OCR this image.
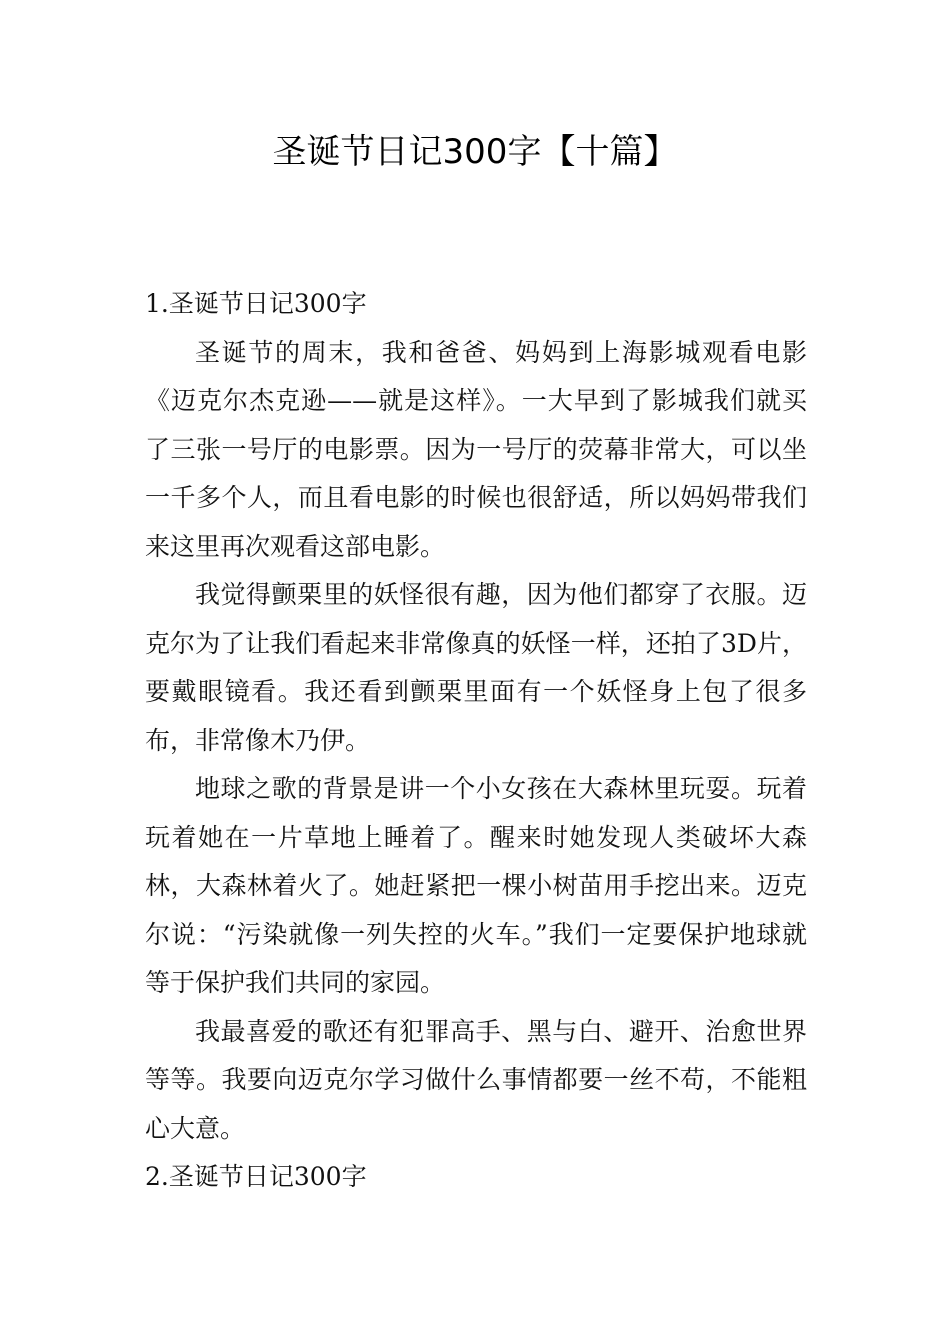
圣诞节日记300字【十篇】
1.圣诞节日记300字

圣诞节的周末，我和爸爸、妈妈到上海影城观看电影《迈克尔杰克逊——就是这样》。一大早到了影城我们就买了三张一号厅的电影票。因为一号厅的荧幕非常大，可以坐一千多个人，而且看电影的时候也很舒适，所以妈妈带我们来这里再次观看这部电影。

我觉得颤栗里的妖怪很有趣，因为他们都穿了衣服。迈克尔为了让我们看起来非常像真的妖怪一样，还拍了3D片，要戴眼镜看。我还看到颤栗里面有一个妖怪身上包了很多布，非常像木乃伊。

地球之歌的背景是讲一个小女孩在大森林里玩耍。玩着玩着她在一片草地上睡着了。醒来时她发现人类破坏大森林，大森林着火了。她赶紧把一棵小树苗用手挖出来。迈克尔说：“污染就像一列失控的火车。”我们一定要保护地球就等于保护我们共同的家园。

我最喜爱的歌还有犯罪高手、黑与白、避开、治愈世界等等。我要向迈克尔学习做什么事情都要一丝不苟，不能粗心大意。

2.圣诞节日记300字
